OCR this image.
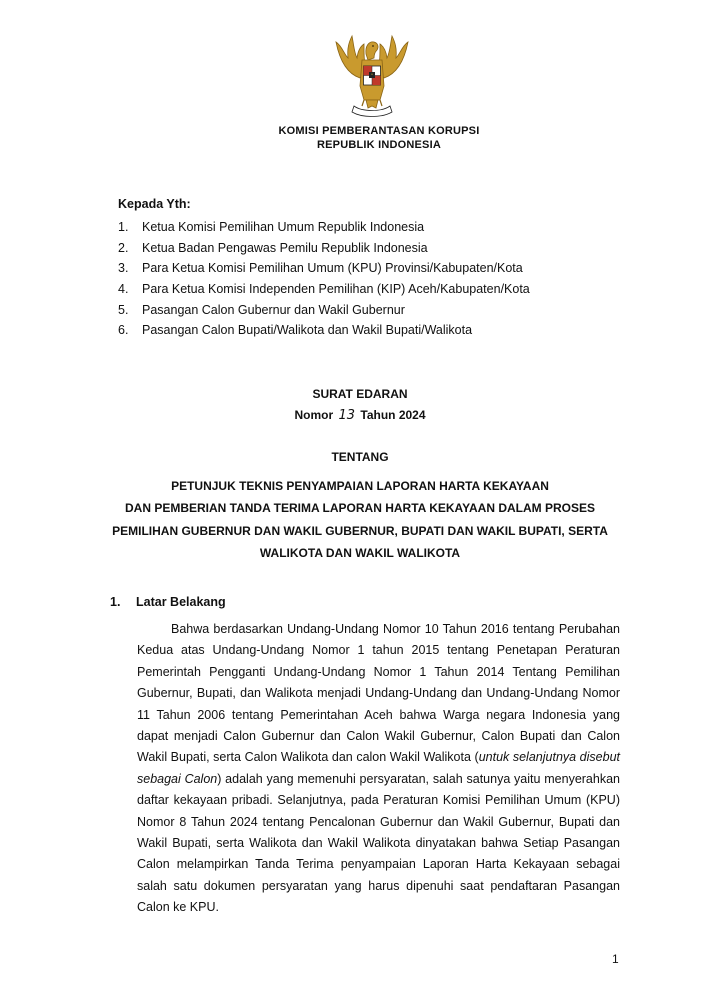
KOMISI PEMBERANTASAN KORUPSI
REPUBLIK INDONESIA
Kepada Yth:
1. Ketua Komisi Pemilihan Umum Republik Indonesia
2. Ketua Badan Pengawas Pemilu Republik Indonesia
3. Para Ketua Komisi Pemilihan Umum (KPU) Provinsi/Kabupaten/Kota
4. Para Ketua Komisi Independen Pemilihan (KIP) Aceh/Kabupaten/Kota
5. Pasangan Calon Gubernur dan Wakil Gubernur
6. Pasangan Calon Bupati/Walikota dan Wakil Bupati/Walikota
SURAT EDARAN
Nomor 13 Tahun 2024
TENTANG
PETUNJUK TEKNIS PENYAMPAIAN LAPORAN HARTA KEKAYAAN
DAN PEMBERIAN TANDA TERIMA LAPORAN HARTA KEKAYAAN DALAM PROSES
PEMILIHAN GUBERNUR DAN WAKIL GUBERNUR, BUPATI DAN WAKIL BUPATI, SERTA
WALIKOTA DAN WAKIL WALIKOTA
1. Latar Belakang

Bahwa berdasarkan Undang-Undang Nomor 10 Tahun 2016 tentang Perubahan Kedua atas Undang-Undang Nomor 1 tahun 2015 tentang Penetapan Peraturan Pemerintah Pengganti Undang-Undang Nomor 1 Tahun 2014 Tentang Pemilihan Gubernur, Bupati, dan Walikota menjadi Undang-Undang dan Undang-Undang Nomor 11 Tahun 2006 tentang Pemerintahan Aceh bahwa Warga negara Indonesia yang dapat menjadi Calon Gubernur dan Calon Wakil Gubernur, Calon Bupati dan Calon Wakil Bupati, serta Calon Walikota dan calon Wakil Walikota (untuk selanjutnya disebut sebagai Calon) adalah yang memenuhi persyaratan, salah satunya yaitu menyerahkan daftar kekayaan pribadi. Selanjutnya, pada Peraturan Komisi Pemilihan Umum (KPU) Nomor 8 Tahun 2024 tentang Pencalonan Gubernur dan Wakil Gubernur, Bupati dan Wakil Bupati, serta Walikota dan Wakil Walikota dinyatakan bahwa Setiap Pasangan Calon melampirkan Tanda Terima penyampaian Laporan Harta Kekayaan sebagai salah satu dokumen persyaratan yang harus dipenuhi saat pendaftaran Pasangan Calon ke KPU.

1
